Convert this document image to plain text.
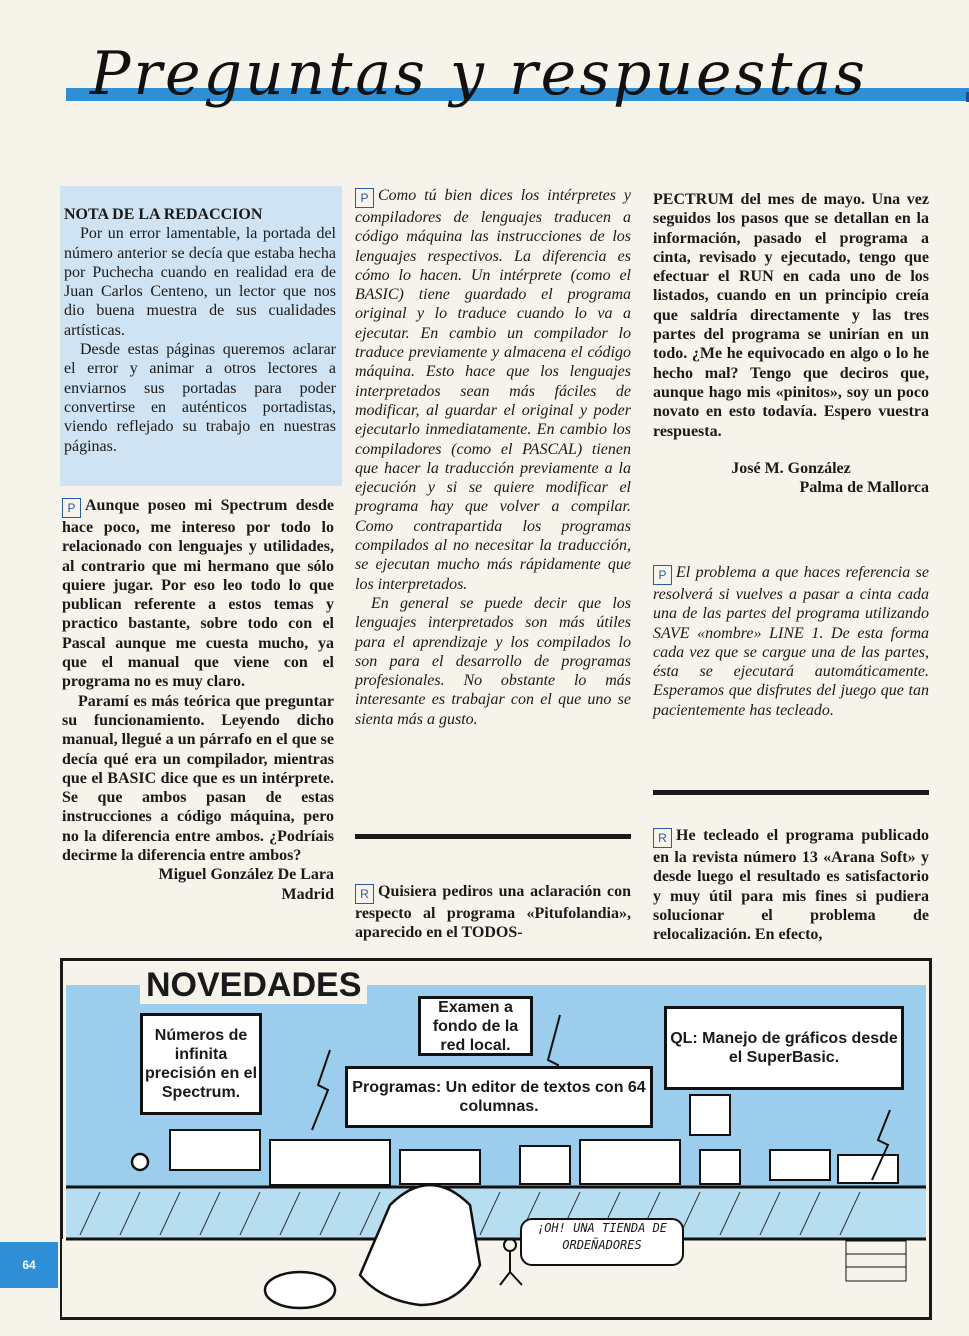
Preguntas y respuestas

NOTA DE LA REDACCION

Por un error lamentable, la portada del número anterior se decía que estaba hecha por Puchecha cuando en realidad era de Juan Carlos Centeno, un lector que nos dio buena muestra de sus cualidades artísticas.

Desde estas páginas queremos aclarar el error y animar a otros lectores a enviarnos sus portadas para poder convertirse en auténticos portadistas, viendo reflejado su trabajo en nuestras páginas.

P Aunque poseo mi Spectrum desde hace poco, me intereso por todo lo relacionado con lenguajes y utilidades, al contrario que mi hermano que sólo quiere jugar. Por eso leo todo lo que publican referente a estos temas y practico bastante, sobre todo con el Pascal aunque me cuesta mucho, ya que el manual que viene con el programa no es muy claro.

Paramí es más teórica que preguntar su funcionamiento. Leyendo dicho manual, llegué a un párrafo en el que se decía qué era un compilador, mientras que el BASIC dice que es un intérprete. Se que ambos pasan de estas instrucciones a código máquina, pero no la diferencia entre ambos. ¿Podríais decirme la diferencia entre ambos?

Miguel González De Lara

Madrid

P Como tú bien dices los intérpretes y compiladores de lenguajes traducen a código máquina las instrucciones de los lenguajes respectivos. La diferencia es cómo lo hacen. Un intérprete (como el BASIC) tiene guardado el programa original y lo traduce cuando lo va a ejecutar. En cambio un compilador lo traduce previamente y almacena el código máquina. Esto hace que los lenguajes interpretados sean más fáciles de modificar, al guardar el original y poder ejecutarlo inmediatamente. En cambio los compiladores (como el PASCAL) tienen que hacer la traducción previamente a la ejecución y si se quiere modificar el programa hay que volver a compilar. Como contrapartida los programas compilados al no necesitar la traducción, se ejecutan mucho más rápidamente que los interpretados.

En general se puede decir que los lenguajes interpretados son más útiles para el aprendizaje y los compilados lo son para el desarrollo de programas profesionales. No obstante lo más interesante es trabajar con el que uno se sienta más a gusto.

R Quisiera pediros una aclaración con respecto al programa «Pitufolandia», aparecido en el TODOS-

PECTRUM del mes de mayo. Una vez seguidos los pasos que se detallan en la información, pasado el programa a cinta, revisado y ejecutado, tengo que efectuar el RUN en cada uno de los listados, cuando en un principio creía que saldría directamente y las tres partes del programa se unirían en un todo. ¿Me he equivocado en algo o lo he hecho mal? Tengo que deciros que, aunque hago mis «pinitos», soy un poco novato en esto todavía. Espero vuestra respuesta.

José M. González

Palma de Mallorca

P El problema a que haces referencia se resolverá si vuelves a pasar a cinta cada una de las partes del programa utilizando SAVE «nombre» LINE 1. De esta forma cada vez que se cargue una de las partes, ésta se ejecutará automáticamente. Esperamos que disfrutes del juego que tan pacientemente has tecleado.

R He tecleado el programa publicado en la revista número 13 «Arana Soft» y desde luego el resultado es satisfactorio y muy útil para mis fines si pudiera solucionar el problema de relocalización. En efecto,

NOVEDADES
Números de infinita precisión en el Spectrum.
Examen a fondo de la red local.
Programas: Un editor de textos con 64 columnas.
QL: Manejo de gráficos desde el SuperBasic.
¡OH! UNA TIENDA DE ORDEÑADORES
64
